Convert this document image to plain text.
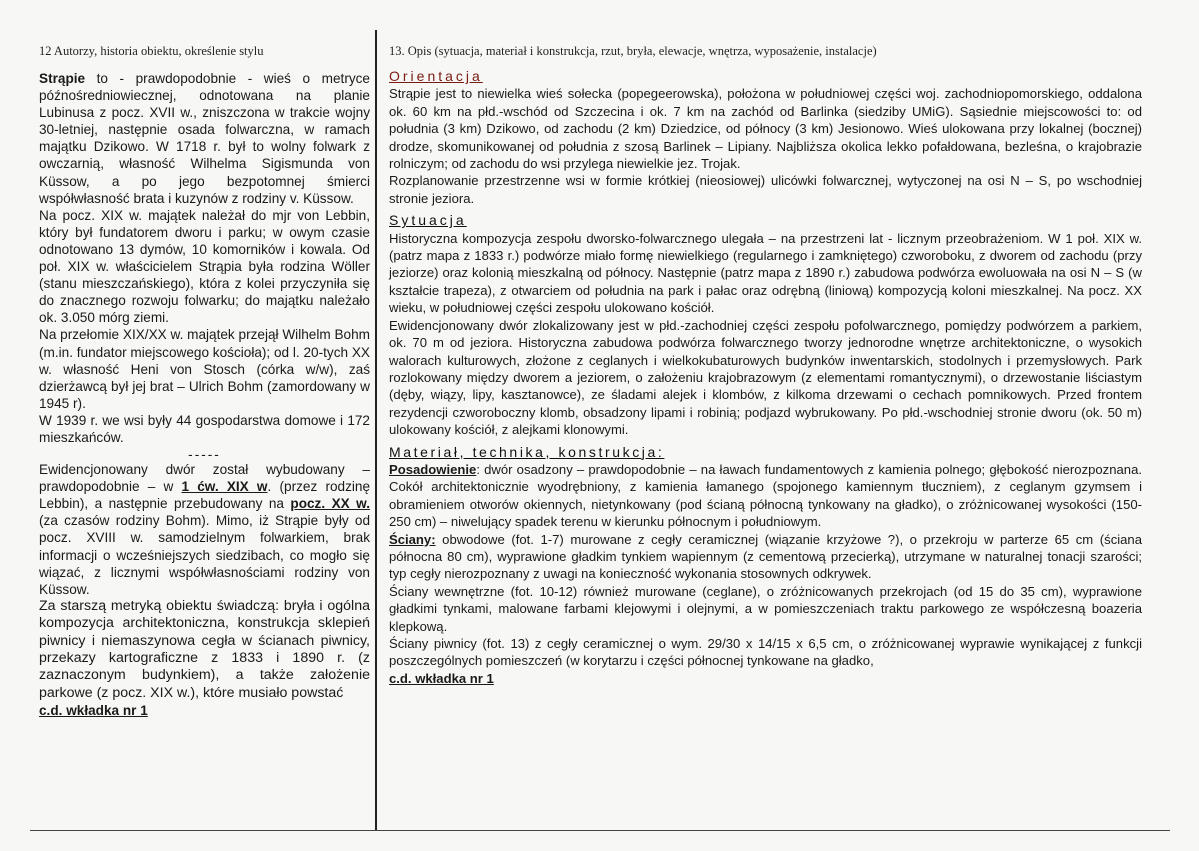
12 Autorzy, historia obiektu, określenie stylu	13. Opis (sytuacja, materiał i konstrukcja, rzut, bryła, elewacje, wnętrza, wyposażenie, instalacje)

Strąpie to - prawdopodobnie - wieś o metryce późnośredniowiecznej, odnotowana na planie Lubinusa z pocz. XVII w., zniszczona w trakcie wojny 30-letniej, następnie osada folwarczna, w ramach majątku Dzikowo. W 1718 r. był to wolny folwark z owczarnią, własność Wilhelma Sigismunda von Küssow, a po jego bezpotomnej śmierci współwłasność brata i kuzynów z rodziny v. Küssow.

Na pocz. XIX w. majątek należał do mjr von Lebbin, który był fundatorem dworu i parku; w owym czasie odnotowano 13 dymów, 10 komorników i kowala. Od poł. XIX w. właścicielem Strąpia była rodzina Wöller (stanu mieszczańskiego), która z kolei przyczyniła się do znacznego rozwoju folwarku; do majątku należało ok. 3.050 mórg ziemi.

Na przełomie XIX/XX w. majątek przejął Wilhelm Bohm (m.in. fundator miejscowego kościoła); od l. 20-tych XX w. własność Heni von Stosch (córka w/w), zaś dzierżawcą był jej brat – Ulrich Bohm (zamordowany w 1945 r).

W 1939 r. we wsi były 44 gospodarstwa domowe i 172 mieszkańców.

-----

Ewidencjonowany dwór został wybudowany – prawdopodobnie – w 1 ćw. XIX w. (przez rodzinę Lebbin), a następnie przebudowany na pocz. XX w. (za czasów rodziny Bohm). Mimo, iż Strąpie były od pocz. XVIII w. samodzielnym folwarkiem, brak informacji o wcześniejszych siedzibach, co mogło się wiązać, z licznymi współwłasnościami rodziny von Küssow.

Za starszą metryką obiektu świadczą: bryła i ogólna kompozycja architektoniczna, konstrukcja sklepień piwnicy i niemaszynowa cegła w ścianach piwnicy, przekazy kartograficzne z 1833 i 1890 r. (z zaznaczonym budynkiem), a także założenie parkowe (z pocz. XIX w.), które musiało powstać

c.d. wkładka nr 1

Orientacja

Strąpie jest to niewielka wieś sołecka (popegeerowska), położona w południowej części woj. zachodniopomorskiego, oddalona ok. 60 km na płd.-wschód od Szczecina i ok. 7 km na zachód od Barlinka (siedziby UMiG). Sąsiednie miejscowości to: od południa (3 km) Dzikowo, od zachodu (2 km) Dziedzice, od północy (3 km) Jesionowo. Wieś ulokowana przy lokalnej (bocznej) drodze, skomunikowanej od południa z szosą Barlinek – Lipiany. Najbliższa okolica lekko pofałdowana, bezleśna, o krajobrazie rolniczym; od zachodu do wsi przylega niewielkie jez. Trojak.

Rozplanowanie przestrzenne wsi w formie krótkiej (nieosiowej) ulicówki folwarcznej, wytyczonej na osi N – S, po wschodniej stronie jeziora.

Sytuacja

Historyczna kompozycja zespołu dworsko-folwarcznego ulegała – na przestrzeni lat - licznym przeobrażeniom. W 1 poł. XIX w. (patrz mapa z 1833 r.) podwórze miało formę niewielkiego (regularnego i zamkniętego) czworoboku, z dworem od zachodu (przy jeziorze) oraz kolonią mieszkalną od północy. Następnie (patrz mapa z 1890 r.) zabudowa podwórza ewoluowała na osi N – S (w kształcie trapeza), z otwarciem od południa na park i pałac oraz odrębną (liniową) kompozycją koloni mieszkalnej. Na pocz. XX wieku, w południowej części zespołu ulokowano kościół.

Ewidencjonowany dwór zlokalizowany jest w płd.-zachodniej części zespołu pofolwarcznego, pomiędzy podwórzem a parkiem, ok. 70 m od jeziora. Historyczna zabudowa podwórza folwarcznego tworzy jednorodne wnętrze architektoniczne, o wysokich walorach kulturowych, złożone z ceglanych i wielkokubaturowych budynków inwentarskich, stodolnych i przemysłowych. Park rozlokowany między dworem a jeziorem, o założeniu krajobrazowym (z elementami romantycznymi), o drzewostanie liściastym (dęby, wiązy, lipy, kasztanowce), ze śladami alejek i klombów, z kilkoma drzewami o cechach pomnikowych. Przed frontem rezydencji czworoboczny klomb, obsadzony lipami i robinią; podjazd wybrukowany. Po płd.-wschodniej stronie dworu (ok. 50 m) ulokowany kościół, z alejkami klonowymi.

Materiał, technika, konstrukcja:

Posadowienie: dwór osadzony – prawdopodobnie – na ławach fundamentowych z kamienia polnego; głębokość nierozpoznana. Cokół architektonicznie wyodrębniony, z kamienia łamanego (spojonego kamiennym tłuczniem), z ceglanym gzymsem i obramieniem otworów okiennych, nietynkowany (pod ścianą północną tynkowany na gładko), o zróżnicowanej wysokości (150-250 cm) – niwelujący spadek terenu w kierunku północnym i południowym.

Ściany: obwodowe (fot. 1-7) murowane z cegły ceramicznej (wiązanie krzyżowe ?), o przekroju w parterze 65 cm (ściana północna 80 cm), wyprawione gładkim tynkiem wapiennym (z cementową przecierką), utrzymane w naturalnej tonacji szarości; typ cegły nierozpoznany z uwagi na konieczność wykonania stosownych odkrywek.

Ściany wewnętrzne (fot. 10-12) również murowane (ceglane), o zróżnicowanych przekrojach (od 15 do 35 cm), wyprawione gładkimi tynkami, malowane farbami klejowymi i olejnymi, a w pomieszczeniach traktu parkowego ze współczesną boazeria klepkową.

Ściany piwnicy (fot. 13) z cegły ceramicznej o wym. 29/30 x 14/15 x 6,5 cm, o zróżnicowanej wyprawie wynikającej z funkcji poszczególnych pomieszczeń (w korytarzu i części północnej tynkowane na gładko,

c.d. wkładka nr 1
